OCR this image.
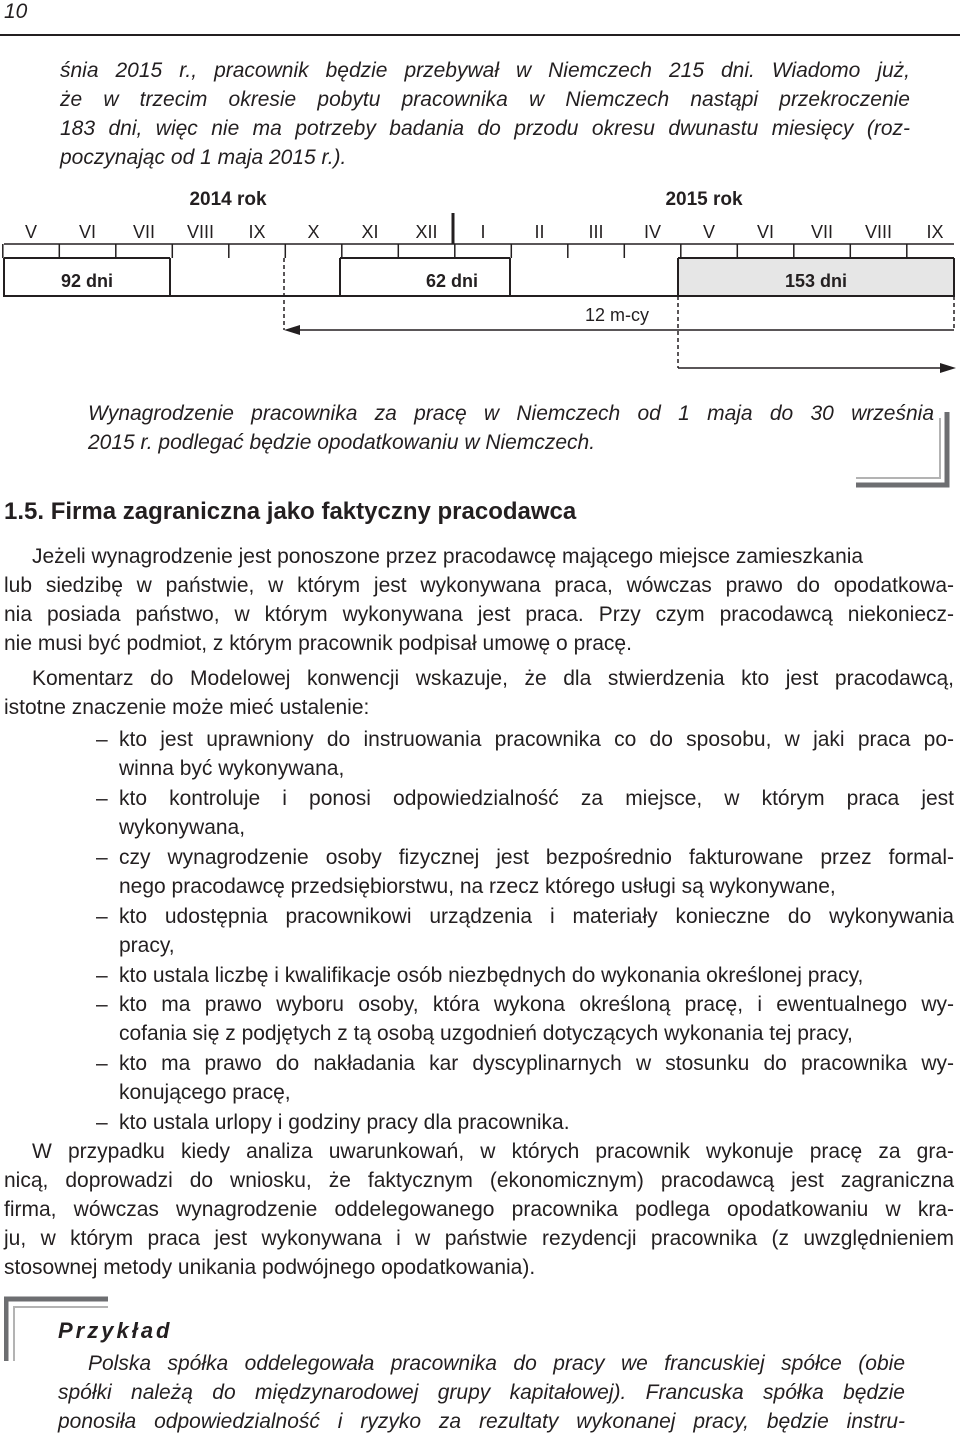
10
śnia 2015 r., pracownik będzie przebywał w Niemczech 215 dni. Wiadomo już,
że w trzecim okresie pobytu pracownika w Niemczech nastąpi przekroczenie
183 dni, więc nie ma potrzeby badania do przodu okresu dwunastu miesięcy (roz-
poczynając od 1 maja 2015 r.).
2014 rok	2015 rok
V VI VII VIII IX X XI XII I	II III IV V VI VII VIII IX
92 dni	62 dni	153 dni
12 m-cy
Wynagrodzenie pracownika za pracę w Niemczech od 1 maja do 30 września
2015 r. podlegać będzie opodatkowaniu w Niemczech.
1.5. Firma zagraniczna jako faktyczny pracodawca
Jeżeli wynagrodzenie jest ponoszone przez pracodawcę mającego miejsce zamieszkania
lub siedzibę w państwie, w którym jest wykonywana praca, wówczas prawo do opodatkowa-
nia posiada państwo, w którym wykonywana jest praca. Przy czym pracodawcą niekoniecz-
nie musi być podmiot, z którym pracownik podpisał umowę o pracę.
Komentarz do Modelowej konwencji wskazuje, że dla stwierdzenia kto jest pracodawcą,
istotne znaczenie może mieć ustalenie:
– kto jest uprawniony do instruowania pracownika co do sposobu, w jaki praca po-
winna być wykonywana,
– kto kontroluje i ponosi odpowiedzialność za miejsce, w którym praca jest
wykonywana,
– czy wynagrodzenie osoby fizycznej jest bezpośrednio fakturowane przez formal-
nego pracodawcę przedsiębiorstwu, na rzecz którego usługi są wykonywane,
– kto udostępnia pracownikowi urządzenia i materiały konieczne do wykonywania
pracy,
– kto ustala liczbę i kwalifikacje osób niezbędnych do wykonania określonej pracy,
– kto ma prawo wyboru osoby, która wykona określoną pracę, i ewentualnego wy-
cofania się z podjętych z tą osobą uzgodnień dotyczących wykonania tej pracy,
– kto ma prawo do nakładania kar dyscyplinarnych w stosunku do pracownika wy-
konującego pracę,
– kto ustala urlopy i godziny pracy dla pracownika.
W przypadku kiedy analiza uwarunkowań, w których pracownik wykonuje pracę za gra-
nicą, doprowadzi do wniosku, że faktycznym (ekonomicznym) pracodawcą jest zagraniczna
firma, wówczas wynagrodzenie oddelegowanego pracownika podlega opodatkowaniu w kra-
ju, w którym praca jest wykonywana i w państwie rezydencji pracownika (z uwzględnieniem
stosownej metody unikania podwójnego opodatkowania).
Przykład
Polska spółka oddelegowała pracownika do pracy we francuskiej spółce (obie
spółki należą do międzynarodowej grupy kapitałowej). Francuska spółka będzie
ponosiła odpowiedzialność i ryzyko za rezultaty wykonanej pracy, będzie instru-
